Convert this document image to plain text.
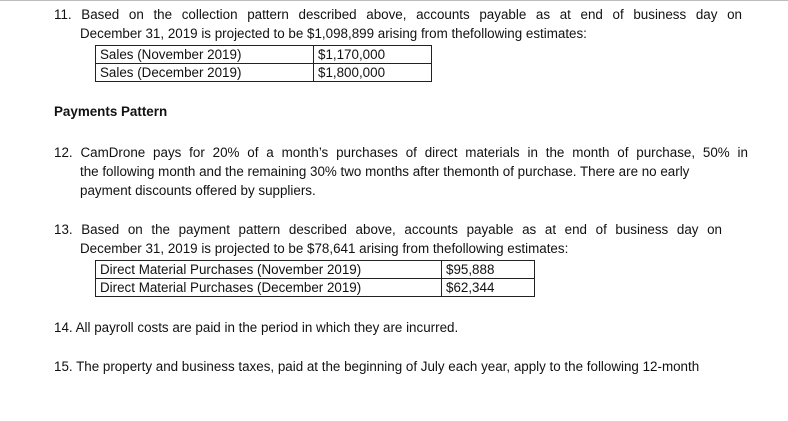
11. Based on the collection pattern described above, accounts payable as at end of business day on
December 31, 2019 is projected to be $1,098,899 arising from thefollowing estimates:
Sales (November 2019)	$1,170,000
Sales (December 2019)	$1,800,000
Payments Pattern
12. CamDrone pays for 20% of a month’s purchases of direct materials in the month of purchase, 50% in
the following month and the remaining 30% two months after themonth of purchase. There are no early
payment discounts offered by suppliers.
13. Based on the payment pattern described above, accounts payable as at end of business day on
December 31, 2019 is projected to be $78,641 arising from thefollowing estimates:
Direct Material Purchases (November 2019)	$95,888
Direct Material Purchases (December 2019)	$62,344
14. All payroll costs are paid in the period in which they are incurred.
15. The property and business taxes, paid at the beginning of July each year, apply to the following 12-month
